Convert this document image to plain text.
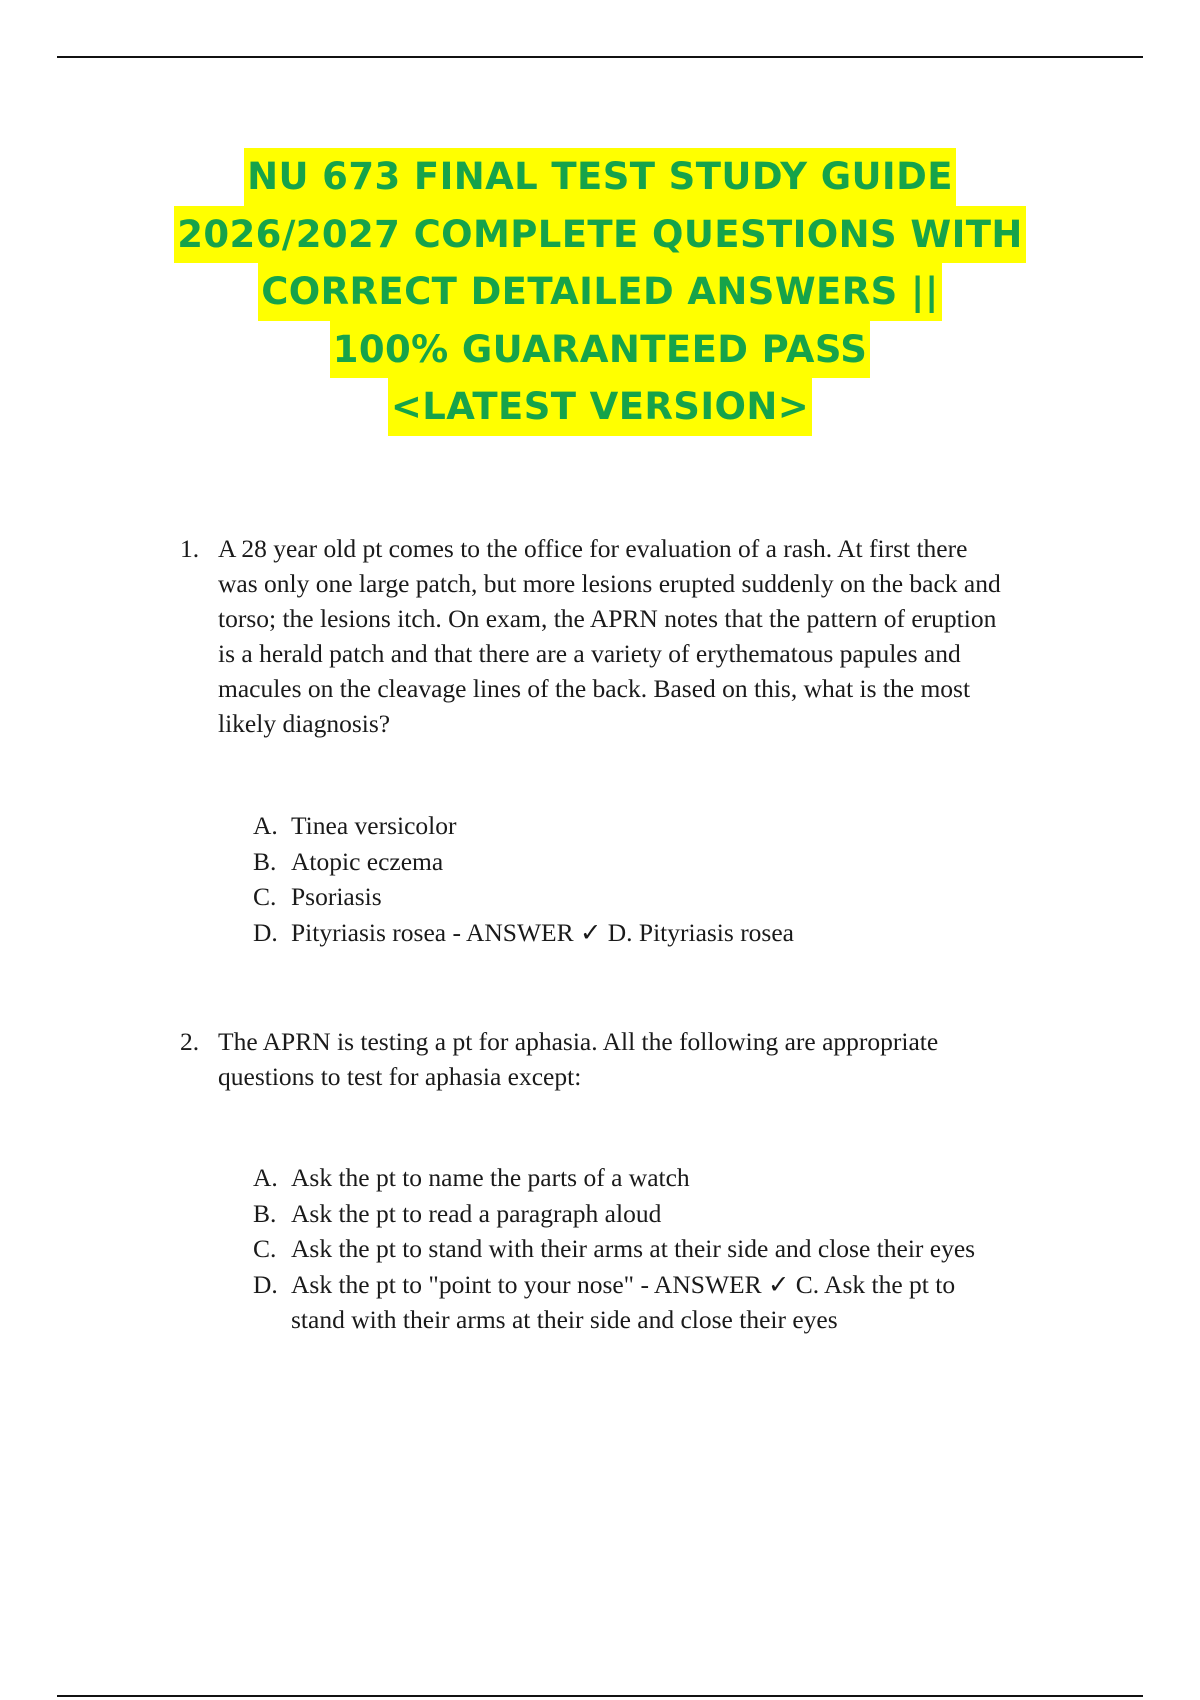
NU 673 FINAL TEST STUDY GUIDE
2026/2027 COMPLETE QUESTIONS WITH
CORRECT DETAILED ANSWERS ||
100% GUARANTEED PASS
<LATEST VERSION>
1. A 28 year old pt comes to the office for evaluation of a rash. At first there
was only one large patch, but more lesions erupted suddenly on the back and
torso; the lesions itch. On exam, the APRN notes that the pattern of eruption
is a herald patch and that there are a variety of erythematous papules and
macules on the cleavage lines of the back. Based on this, what is the most
likely diagnosis?
A. Tinea versicolor
B. Atopic eczema
C. Psoriasis
D. Pityriasis rosea - ANSWER ✓ D. Pityriasis rosea
2. The APRN is testing a pt for aphasia. All the following are appropriate
questions to test for aphasia except:
A. Ask the pt to name the parts of a watch
B. Ask the pt to read a paragraph aloud
C. Ask the pt to stand with their arms at their side and close their eyes
D. Ask the pt to "point to your nose" - ANSWER ✓ C. Ask the pt to
stand with their arms at their side and close their eyes
